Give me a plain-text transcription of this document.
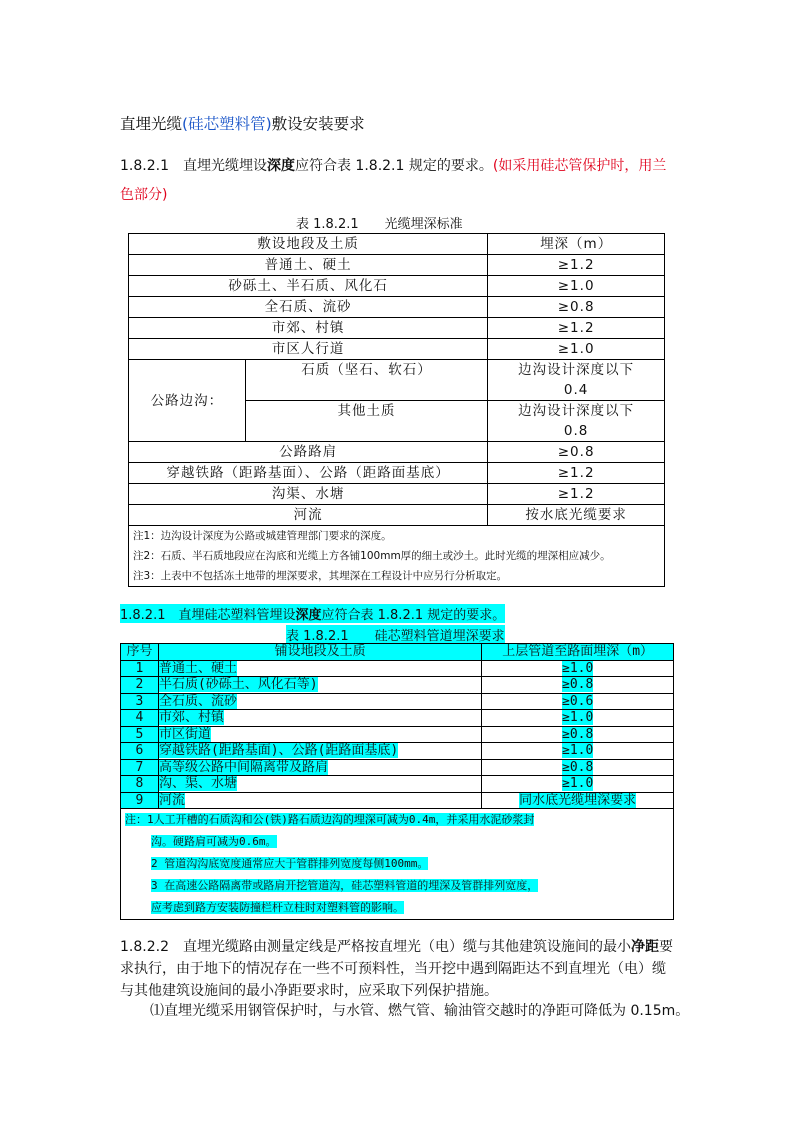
直埋光缆(硅芯塑料管)敷设安装要求
1.8.2.1　 直埋光缆埋设深度应符合表 1.8.2.1 规定的要求。(如采用硅芯管保护时，用兰色部分)
表 1.8.2.1　　光缆埋深标准
敷设地段及土质		埋深（m）
普通土、硬土		≥1.2
砂砾土、半石质、风化石		≥1.0
全石质、流砂		≥0.8
市郊、村镇		≥1.2
市区人行道		≥1.0
公路边沟：	石质（坚石、软石）	边沟设计深度以下
0.4

	其他土质	边沟设计深度以下
0.8

公路路肩		≥0.8
穿越铁路（距路基面）、公路（距路面基底）		≥1.2
沟渠、水塘		≥1.2
河流		按水底光缆要求
注1：边沟设计深度为公路或城建管理部门要求的深度。		
注2：石质、半石质地段应在沟底和光缆上方各铺100mm厚的细土或沙土。此时光缆的埋深相应减少。		
注3：上表中不包括冻土地带的埋深要求，其埋深在工程设计中应另行分析取定。		
1.8.2.1　直埋硅芯塑料管埋设深度应符合表 1.8.2.1 规定的要求。
表 1.8.2.1　　硅芯塑料管道埋深要求
序号	铺设地段及土质	上层管道至路面埋深（m）
1	普通土、硬土	≥1.0
2	半石质(砂砾土、风化石等)	≥0.8
3	全石质、流砂	≥0.6
4	市郊、村镇	≥1.0
5	市区街道	≥0.8
6	穿越铁路(距路基面)、公路(距路面基底)	≥1.0
7	高等级公路中间隔离带及路肩	≥0.8
8	沟、渠、水塘	≥1.0
9	河流	同水底光缆埋深要求

注：1人工开槽的石质沟和公(铁)路石质边沟的埋深可减为0.4m，并采用水泥砂浆封
沟。硬路肩可减为0.6m。
2 管道沟沟底宽度通常应大于管群排列宽度每侧100mm。
3 在高速公路隔离带或路肩开挖管道沟，硅芯塑料管道的埋深及管群排列宽度，
应考虑到路方安装防撞栏杆立柱时对塑料管的影响。		
1.8.2.2　直埋光缆路由测量定线是严格按直埋光（电）缆与其他建筑设施间的最小净距要求执行，由于地下的情况存在一些不可预料性，当开挖中遇到隔距达不到直埋光（电）缆与其他建筑设施间的最小净距要求时，应采取下列保护措施。
⑴直埋光缆采用钢管保护时，与水管、燃气管、输油管交越时的净距可降低为 0.15m。
